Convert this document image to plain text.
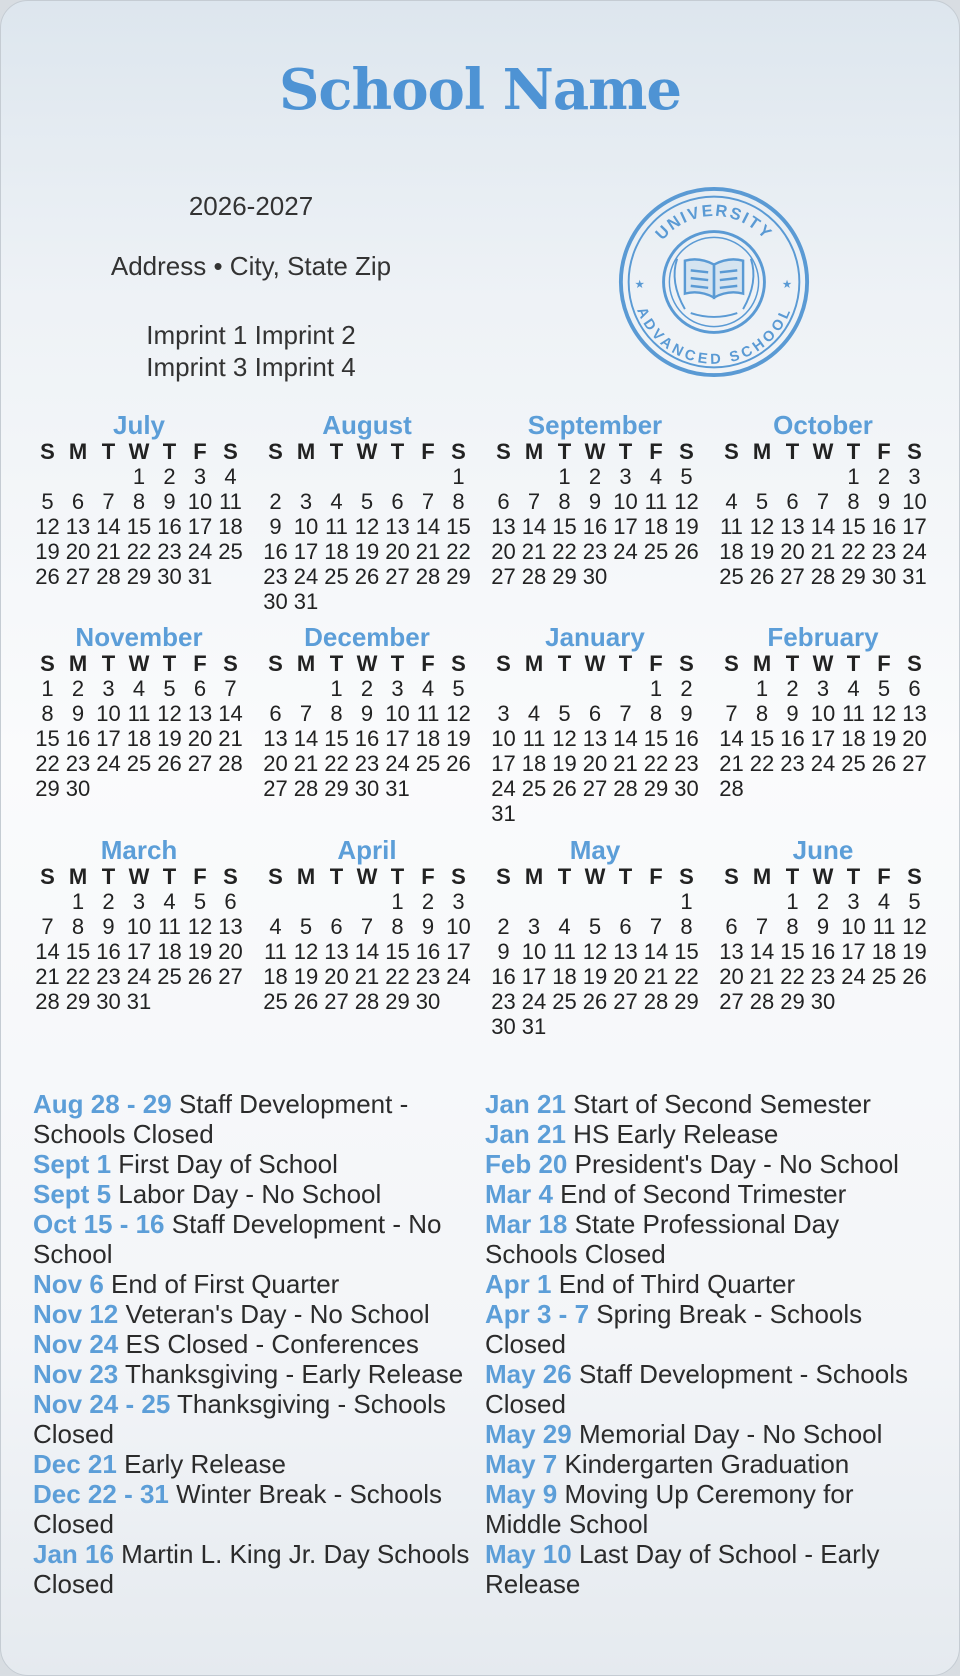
School Name
2026-2027
Address • City, State Zip
Imprint 1 Imprint 2
Imprint 3 Imprint 4
UNIVERSITY
ADVANCED SCHOOL
★	★
July
S M T W T F S
1 2 3 4
5 6 7 8 9 10 11
12 13 14 15 16 17 18
19 20 21 22 23 24 25
26 27 28 29 30 31
August
S M T W T F S
1
2 3 4 5 6 7 8
9 10 11 12 13 14 15
16 17 18 19 20 21 22
23 24 25 26 27 28 29
30 31
September
S M T W T F S
1 2 3 4 5
6 7 8 9 10 11 12
13 14 15 16 17 18 19
20 21 22 23 24 25 26
27 28 29 30
October
S M T W T F S
1 2 3
4 5 6 7 8 9 10
11 12 13 14 15 16 17
18 19 20 21 22 23 24
25 26 27 28 29 30 31
November
S M T W T F S
1 2 3 4 5 6 7
8 9 10 11 12 13 14
15 16 17 18 19 20 21
22 23 24 25 26 27 28
29 30
December
S M T W T F S
1 2 3 4 5
6 7 8 9 10 11 12
13 14 15 16 17 18 19
20 21 22 23 24 25 26
27 28 29 30 31
January
S M T W T F S
1 2
3 4 5 6 7 8 9
10 11 12 13 14 15 16
17 18 19 20 21 22 23
24 25 26 27 28 29 30
31
February
S M T W T F S
1 2 3 4 5 6
7 8 9 10 11 12 13
14 15 16 17 18 19 20
21 22 23 24 25 26 27
28
March
S M T W T F S
1 2 3 4 5 6
7 8 9 10 11 12 13
14 15 16 17 18 19 20
21 22 23 24 25 26 27
28 29 30 31
April
S M T W T F S
1 2 3
4 5 6 7 8 9 10
11 12 13 14 15 16 17
18 19 20 21 22 23 24
25 26 27 28 29 30
May
S M T W T F S
1
2 3 4 5 6 7 8
9 10 11 12 13 14 15
16 17 18 19 20 21 22
23 24 25 26 27 28 29
30 31
June
S M T W T F S
1 2 3 4 5
6 7 8 9 10 11 12
13 14 15 16 17 18 19
20 21 22 23 24 25 26
27 28 29 30
Aug 28 - 29 Staff Development - Schools Closed
Sept 1 First Day of School
Sept 5 Labor Day - No School
Oct 15 - 16 Staff Development - No School
Nov 6 End of First Quarter
Nov 12 Veteran's Day - No School
Nov 24 ES Closed - Conferences
Nov 23 Thanksgiving - Early Release
Nov 24 - 25 Thanksgiving - Schools Closed
Dec 21 Early Release
Dec 22 - 31 Winter Break - Schools Closed
Jan 16 Martin L. King Jr. Day Schools Closed
Jan 21 Start of Second Semester
Jan 21 HS Early Release
Feb 20 President's Day - No School
Mar 4 End of Second Trimester
Mar 18 State Professional Day Schools Closed
Apr 1 End of Third Quarter
Apr 3 - 7 Spring Break - Schools Closed
May 26 Staff Development - Schools Closed
May 29 Memorial Day - No School
May 7 Kindergarten Graduation
May 9 Moving Up Ceremony for Middle School
May 10 Last Day of School - Early Release
